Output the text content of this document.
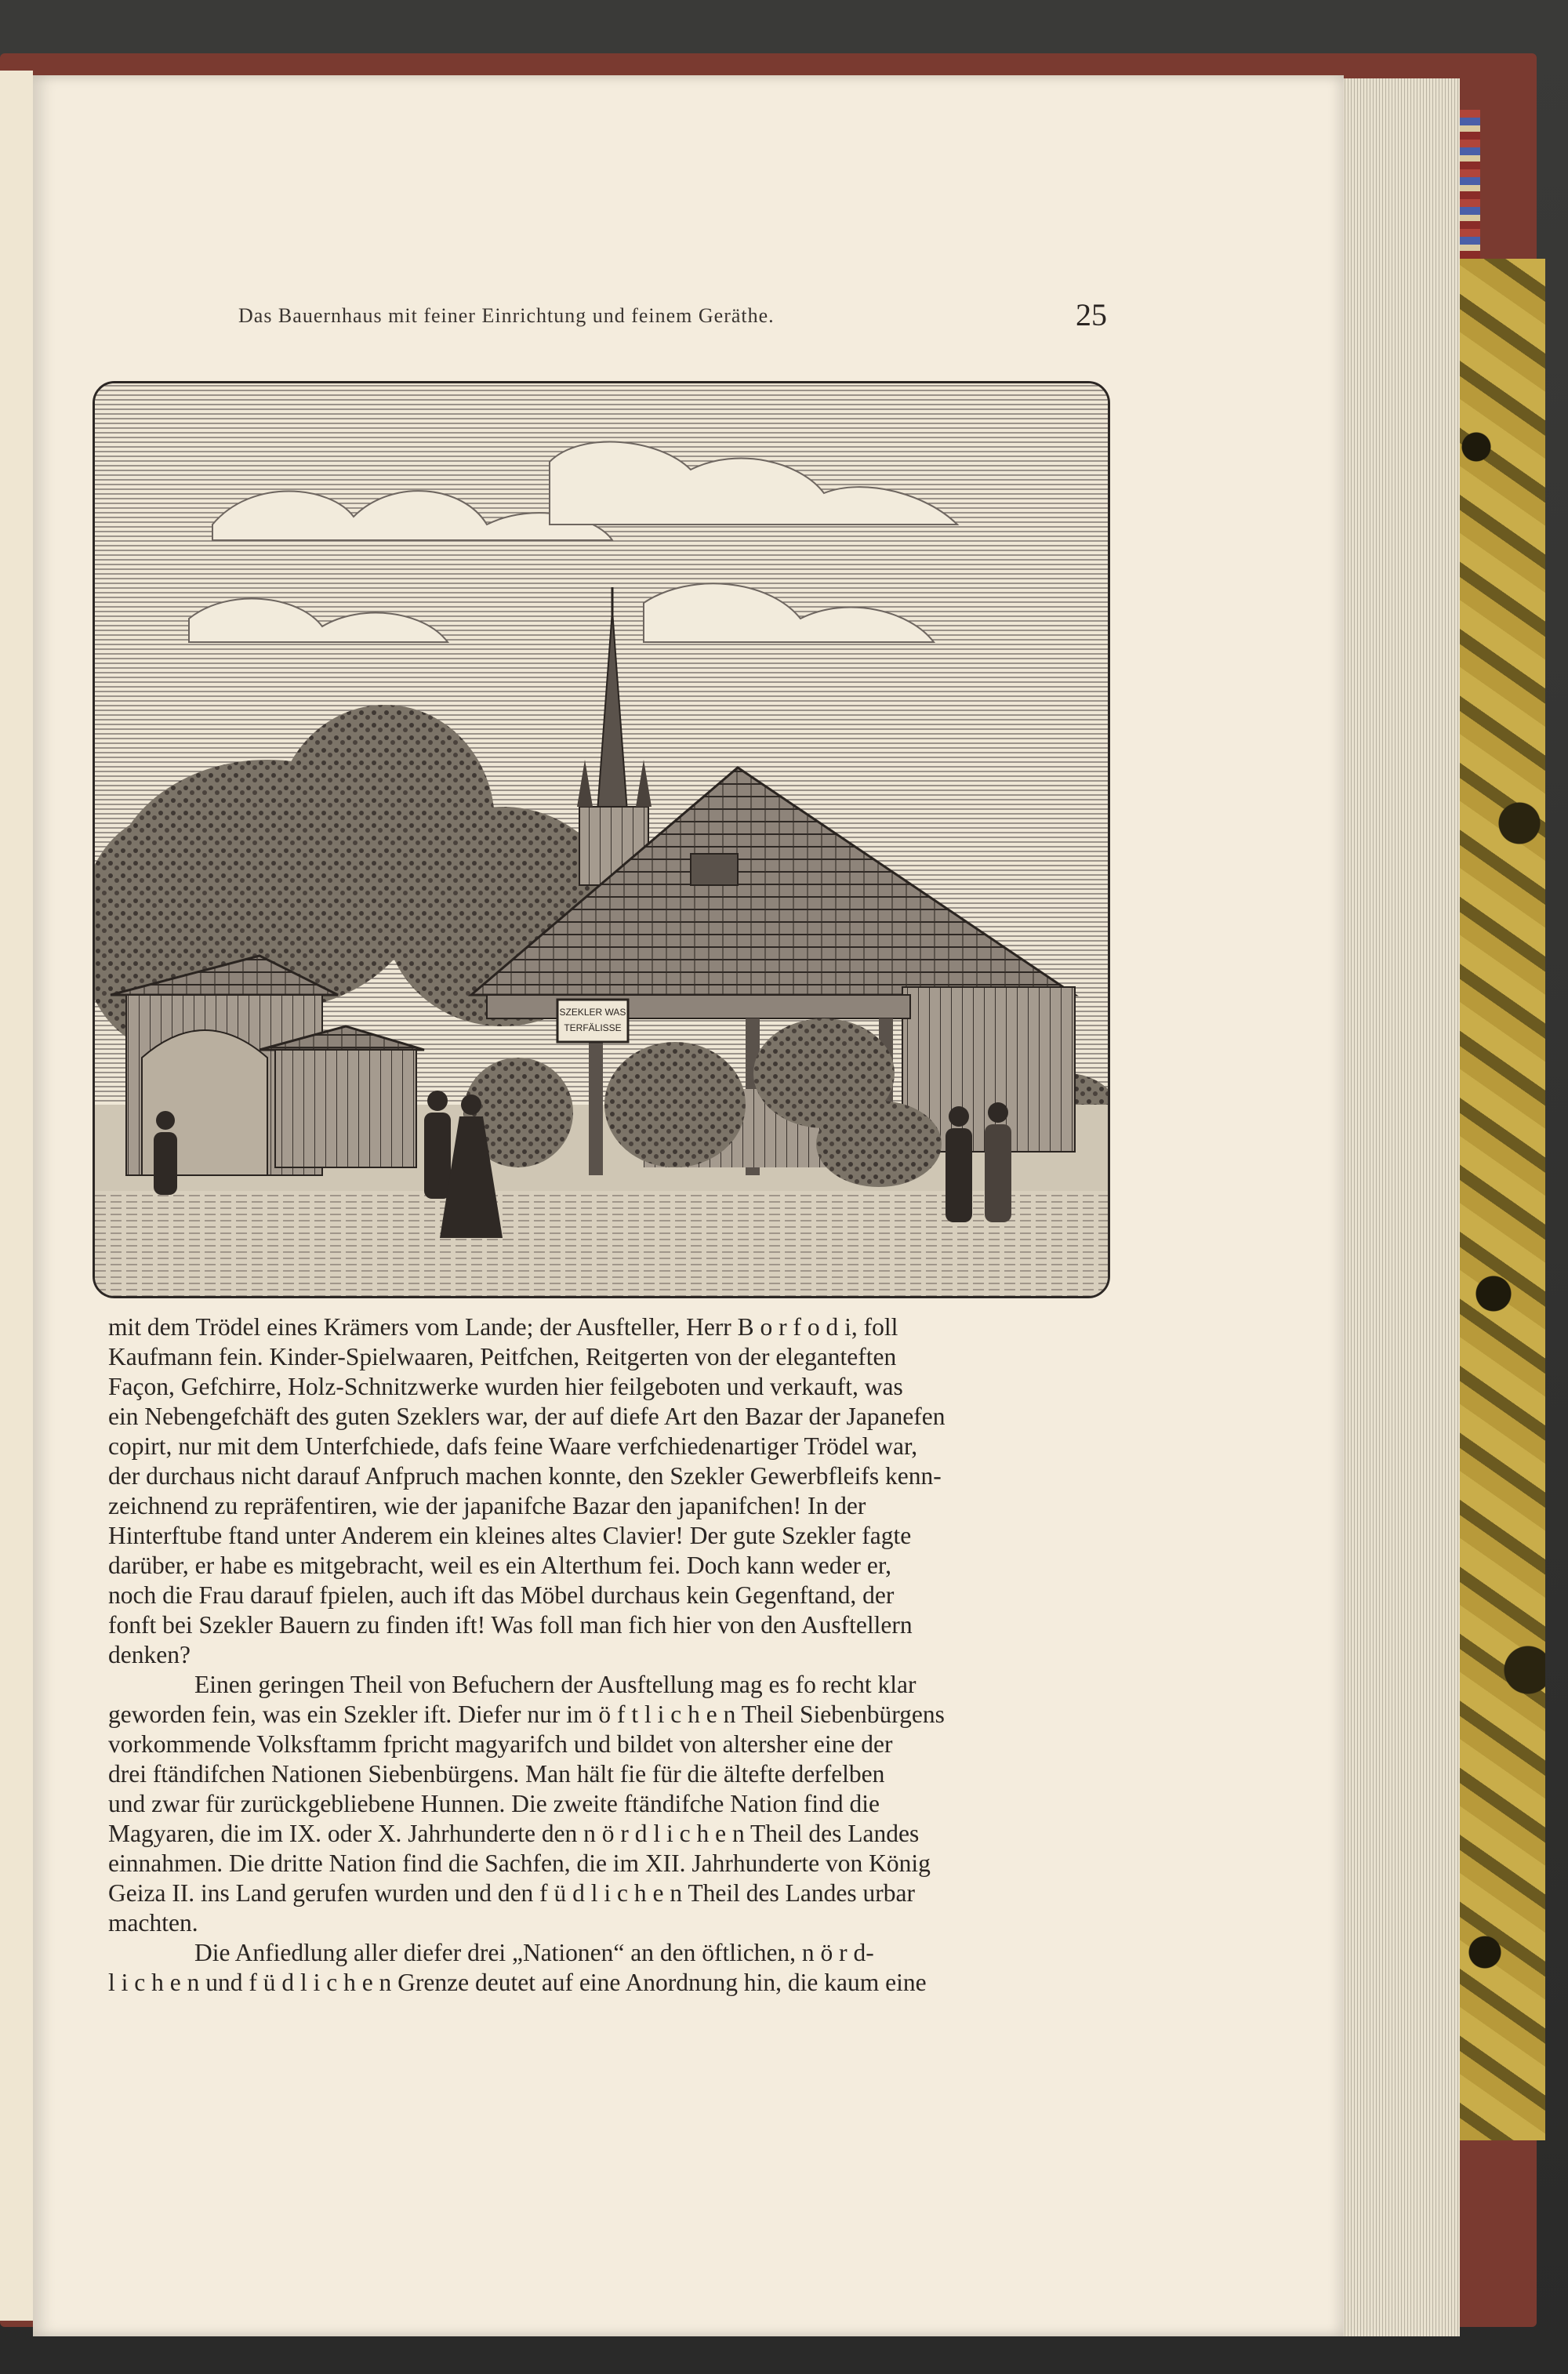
Das Bauernhaus mit feiner Einrichtung und feinem Geräthe.	25
SZEKLER WAS
TERFÄLISSE
mit dem Trödel eines Krämers vom Lande; der Ausfteller, Herr B o r f o d i, foll
Kaufmann fein. Kinder-Spielwaaren, Peitfchen, Reitgerten von der eleganteften
Façon, Gefchirre, Holz-Schnitzwerke wurden hier feilgeboten und verkauft, was
ein Nebengefchäft des guten Szeklers war, der auf diefe Art den Bazar der Japanefen
copirt, nur mit dem Unterfchiede, dafs feine Waare verfchiedenartiger Trödel war,
der durchaus nicht darauf Anfpruch machen konnte, den Szekler Gewerbfleifs kenn-
zeichnend zu repräfentiren, wie der japanifche Bazar den japanifchen! In der
Hinterftube ftand unter Anderem ein kleines altes Clavier! Der gute Szekler fagte
darüber, er habe es mitgebracht, weil es ein Alterthum fei. Doch kann weder er,
noch die Frau darauf fpielen, auch ift das Möbel durchaus kein Gegenftand, der
fonft bei Szekler Bauern zu finden ift! Was foll man fich hier von den Ausftellern
denken?
Einen geringen Theil von Befuchern der Ausftellung mag es fo recht klar
geworden fein, was ein Szekler ift. Diefer nur im ö f t l i c h e n Theil Siebenbürgens
vorkommende Volksftamm fpricht magyarifch und bildet von altersher eine der
drei ftändifchen Nationen Siebenbürgens. Man hält fie für die ältefte derfelben
und zwar für zurückgebliebene Hunnen. Die zweite ftändifche Nation find die
Magyaren, die im IX. oder X. Jahrhunderte den n ö r d l i c h e n Theil des Landes
einnahmen. Die dritte Nation find die Sachfen, die im XII. Jahrhunderte von König
Geiza II. ins Land gerufen wurden und den f ü d l i c h e n Theil des Landes urbar
machten.
Die Anfiedlung aller diefer drei „Nationen“ an den öftlichen, n ö r d-
l i c h e n und f ü d l i c h e n Grenze deutet auf eine Anordnung hin, die kaum eine
